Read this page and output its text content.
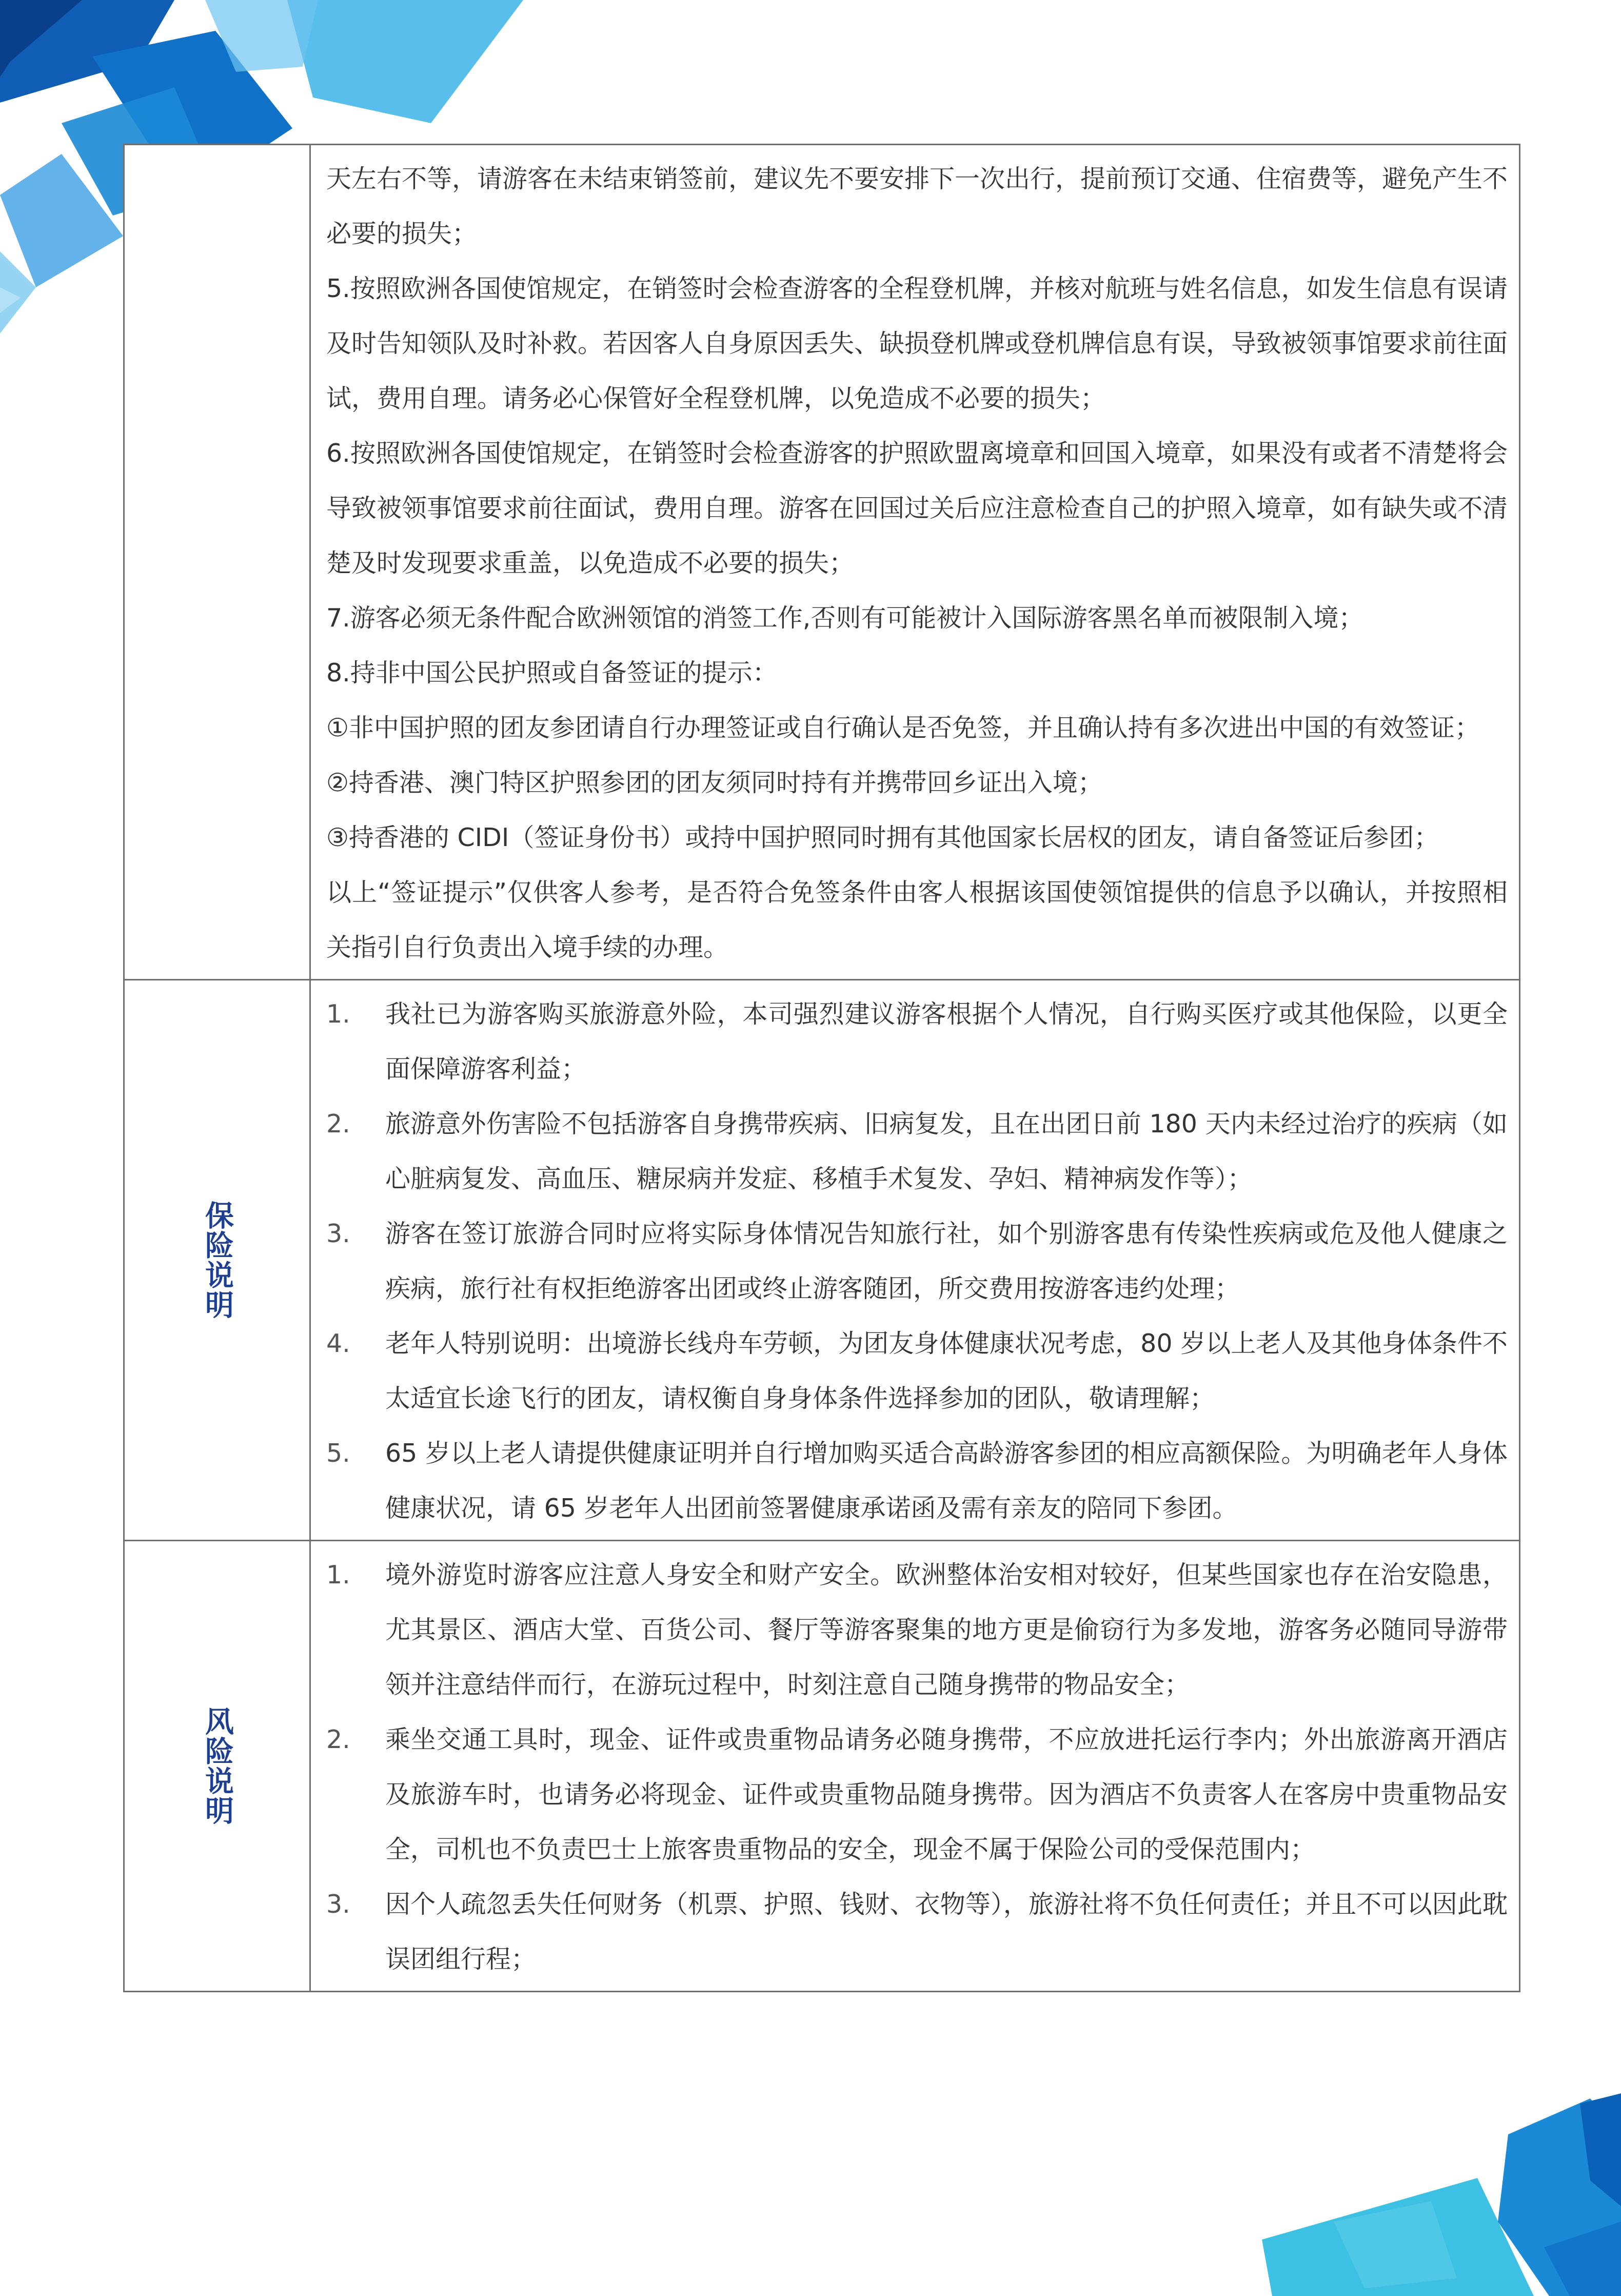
天左右不等，请游客在未结束销签前，建议先不要安排下一次出行，提前预订交通、住宿费等，避免产生不必要的损失；

5.按照欧洲各国使馆规定，在销签时会检查游客的全程登机牌，并核对航班与姓名信息，如发生信息有误请及时告知领队及时补救。若因客人自身原因丢失、缺损登机牌或登机牌信息有误，导致被领事馆要求前往面试，费用自理。请务必心保管好全程登机牌，以免造成不必要的损失；

6.按照欧洲各国使馆规定，在销签时会检查游客的护照欧盟离境章和回国入境章，如果没有或者不清楚将会导致被领事馆要求前往面试，费用自理。游客在回国过关后应注意检查自己的护照入境章，如有缺失或不清楚及时发现要求重盖，以免造成不必要的损失；

7.游客必须无条件配合欧洲领馆的消签工作,否则有可能被计入国际游客黑名单而被限制入境；

8.持非中国公民护照或自备签证的提示：

①非中国护照的团友参团请自行办理签证或自行确认是否免签，并且确认持有多次进出中国的有效签证；

②持香港、澳门特区护照参团的团友须同时持有并携带回乡证出入境；

③持香港的 CIDI（签证身份书）或持中国护照同时拥有其他国家长居权的团友，请自备签证后参团；

以上“签证提示”仅供客人参考，是否符合免签条件由客人根据该国使领馆提供的信息予以确认，并按照相关指引自行负责出入境手续的办理。

保险说明
1.	我社已为游客购买旅游意外险，本司强烈建议游客根据个人情况，自行购买医疗或其他保险，以更全面保障游客利益；
2.	旅游意外伤害险不包括游客自身携带疾病、旧病复发，且在出团日前 180 天内未经过治疗的疾病（如心脏病复发、高血压、糖尿病并发症、移植手术复发、孕妇、精神病发作等）；
3.	游客在签订旅游合同时应将实际身体情况告知旅行社，如个别游客患有传染性疾病或危及他人健康之疾病，旅行社有权拒绝游客出团或终止游客随团，所交费用按游客违约处理；
4.	老年人特别说明：出境游长线舟车劳顿，为团友身体健康状况考虑，80 岁以上老人及其他身体条件不太适宜长途飞行的团友，请权衡自身身体条件选择参加的团队，敬请理解；
5.	65 岁以上老人请提供健康证明并自行增加购买适合高龄游客参团的相应高额保险。为明确老年人身体健康状况，请 65 岁老年人出团前签署健康承诺函及需有亲友的陪同下参团。
风险说明
1.	境外游览时游客应注意人身安全和财产安全。欧洲整体治安相对较好，但某些国家也存在治安隐患，尤其景区、酒店大堂、百货公司、餐厅等游客聚集的地方更是偷窃行为多发地，游客务必随同导游带领并注意结伴而行，在游玩过程中，时刻注意自己随身携带的物品安全；
2.	乘坐交通工具时，现金、证件或贵重物品请务必随身携带，不应放进托运行李内；外出旅游离开酒店及旅游车时，也请务必将现金、证件或贵重物品随身携带。因为酒店不负责客人在客房中贵重物品安全，司机也不负责巴士上旅客贵重物品的安全，现金不属于保险公司的受保范围内；
3.	因个人疏忽丢失任何财务（机票、护照、钱财、衣物等），旅游社将不负任何责任；并且不可以因此耽误团组行程；
